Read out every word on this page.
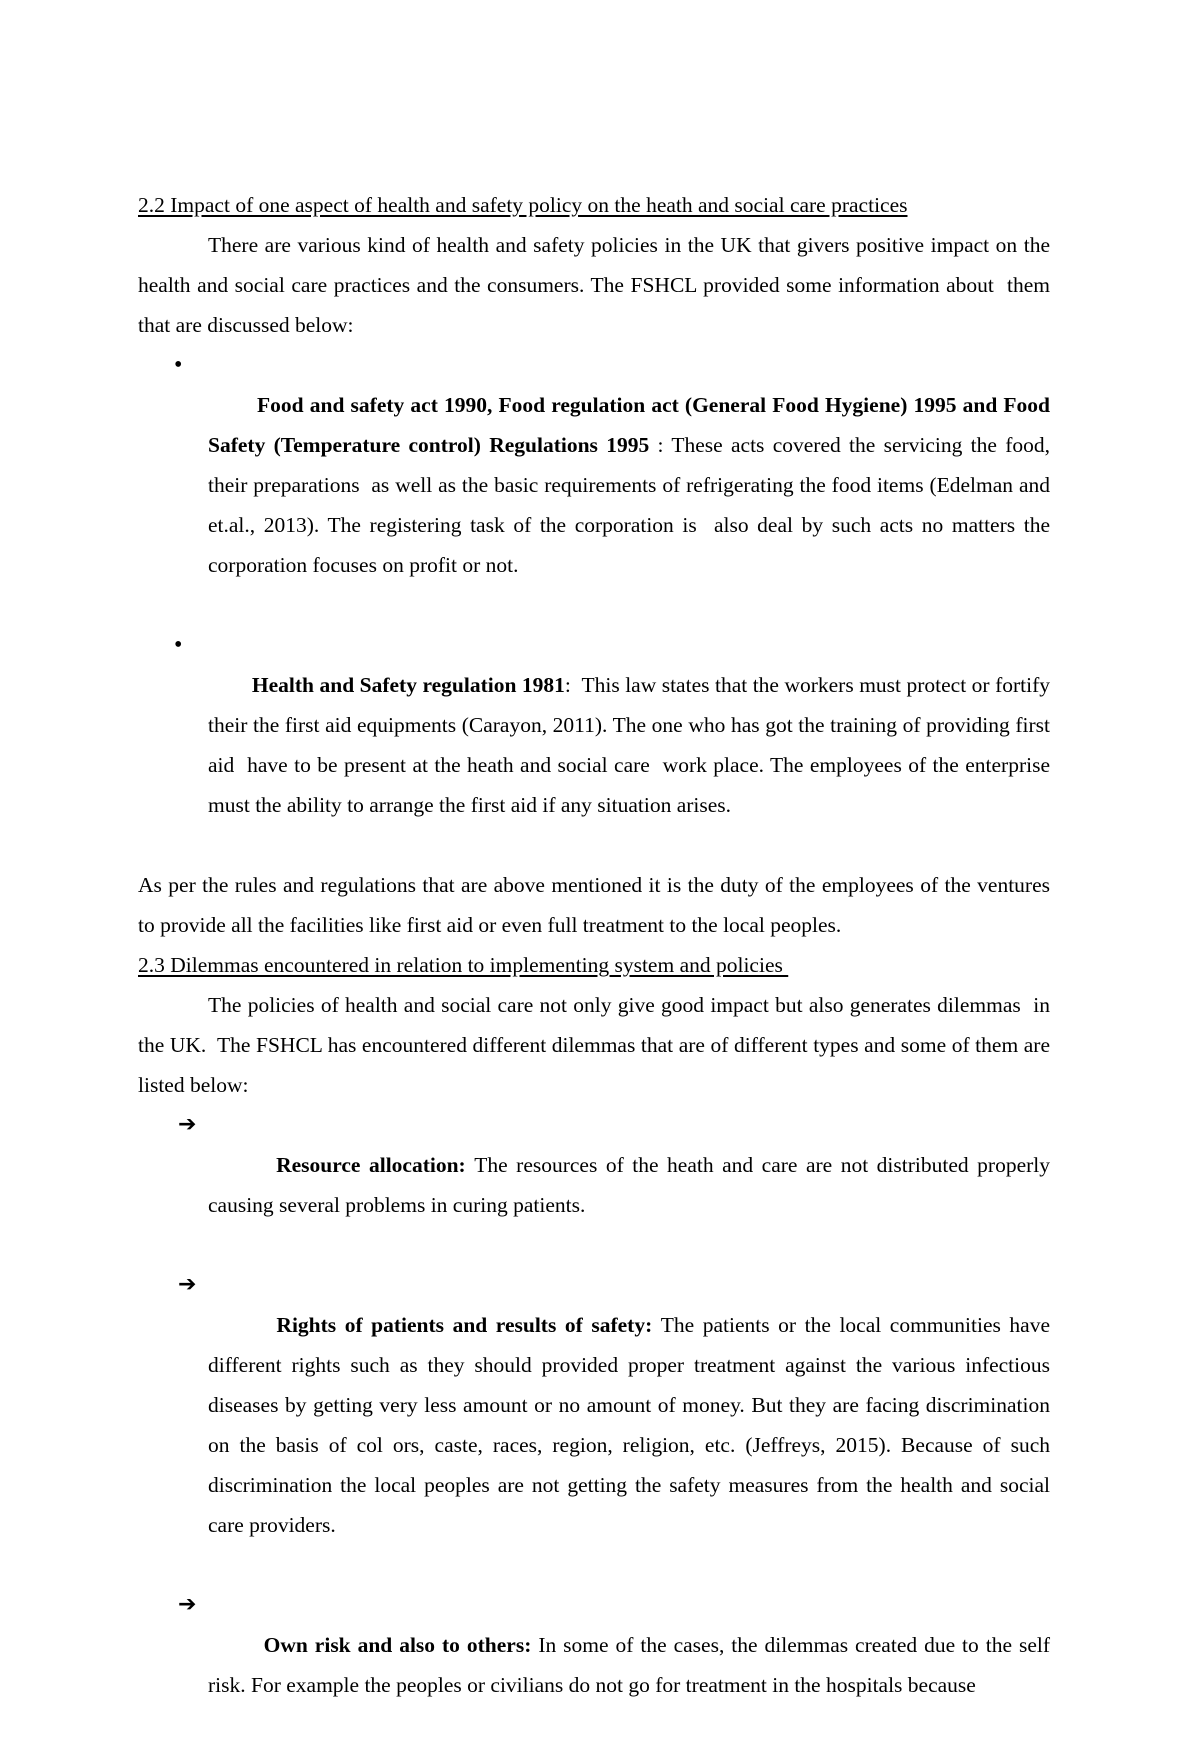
2.2 Impact of one aspect of health and safety policy on the heath and social care practices

There are various kind of health and safety policies in the UK that givers positive impact on the health and social care practices and the consumers. The FSHCL provided some information about  them  that are discussed below:

•
Food and safety act 1990, Food regulation act (General Food Hygiene) 1995 and Food Safety (Temperature control) Regulations 1995 : These acts covered the servicing the food, their preparations  as well as the basic requirements of refrigerating the food items (Edelman and et.al., 2013). The registering task of the corporation is  also deal by such acts no matters the corporation focuses on profit or not.

•
Health and Safety regulation 1981:  This law states that the workers must protect or fortify their the first aid equipments (Carayon, 2011). The one who has got the training of providing first aid  have to be present at the heath and social care  work place. The employees of the enterprise must the ability to arrange the first aid if any situation arises.

As per the rules and regulations that are above mentioned it is the duty of the employees of the ventures to provide all the facilities like first aid or even full treatment to the local peoples.

2.3 Dilemmas encountered in relation to implementing system and policies

The policies of health and social care not only give good impact but also generates dilemmas  in the UK.  The FSHCL has encountered different dilemmas that are of different types and some of them are listed below:

➔
Resource allocation: The resources of the heath and care are not distributed properly causing several problems in curing patients.

➔
Rights of patients and results of safety: The patients or the local communities have different rights such as they should provided proper treatment against the various infectious diseases by getting very less amount or no amount of money. But they are facing discrimination on the basis of col ors, caste, races, region, religion, etc. (Jeffreys, 2015). Because of such discrimination the local peoples are not getting the safety measures from the health and social care providers.

➔
Own risk and also to others: In some of the cases, the dilemmas created due to the self risk. For example the peoples or civilians do not go for treatment in the hospitals because
